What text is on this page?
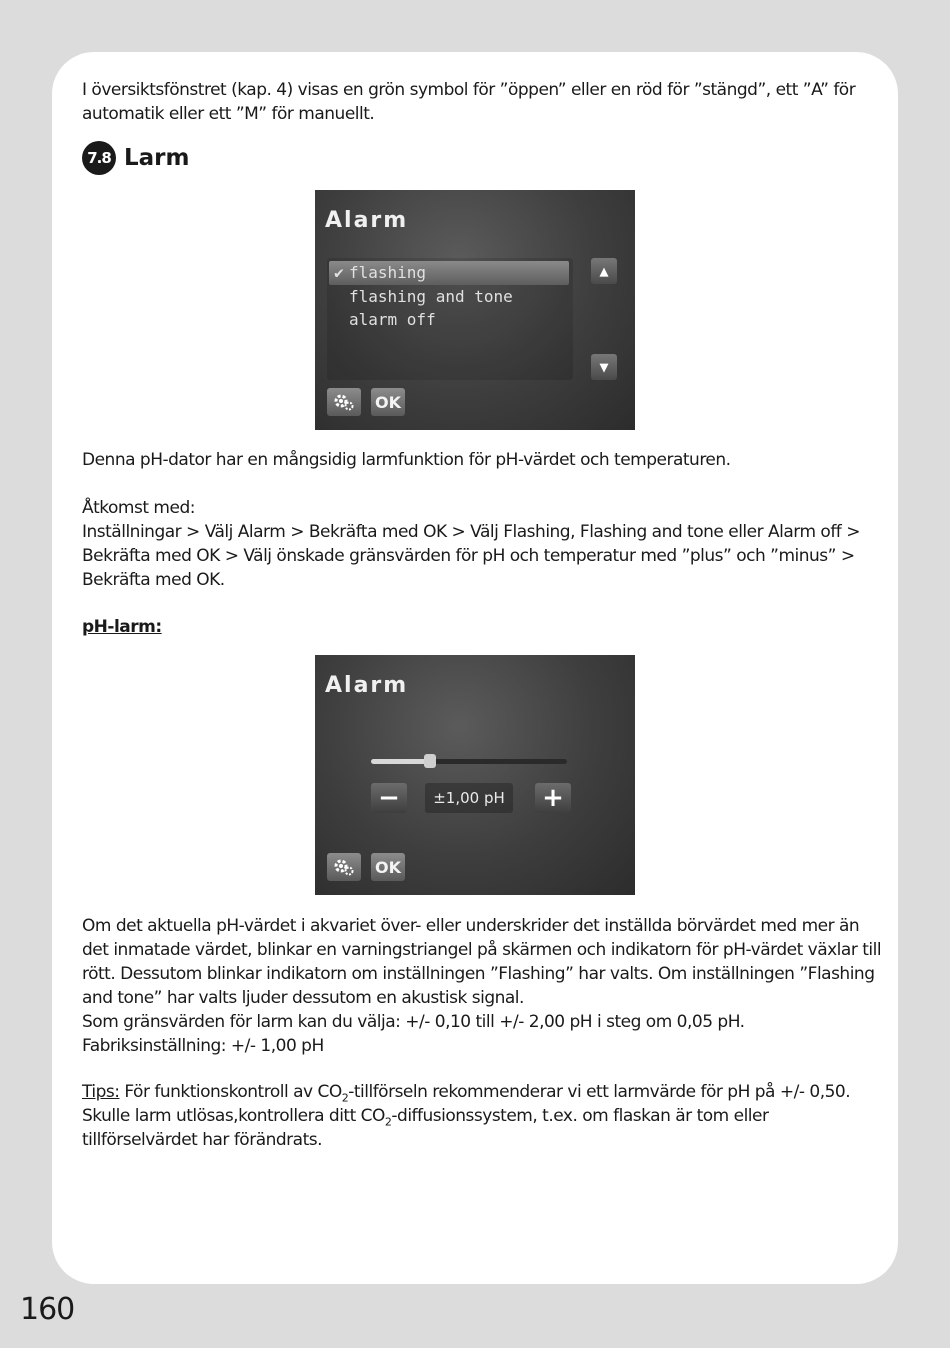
I översiktsfönstret (kap. 4) visas en grön symbol för ”öppen” eller en röd för ”stängd”, ett ”A” för automatik eller ett ”M” för manuellt.

7.8 Larm
Alarm
✔ flashing
flashing and tone
alarm off
▲
▼
OK

Denna pH-dator har en mångsidig larmfunktion för pH-värdet och temperaturen.

Åtkomst med:

Inställningar > Välj Alarm > Bekräfta med OK > Välj Flashing, Flashing and tone eller Alarm off > Bekräfta med OK > Välj önskade gränsvärden för pH och temperatur med ”plus” och ”minus” > Bekräfta med OK.

pH-larm:

Alarm
−	±1,00 pH	+
OK

Om det aktuella pH-värdet i akvariet över- eller underskrider det inställda börvärdet med mer än det inmatade värdet, blinkar en varningstriangel på skärmen och indikatorn för pH-värdet växlar till rött. Dessutom blinkar indikatorn om inställningen ”Flashing” har valts. Om inställningen ”Flashing and tone” har valts ljuder dessutom en akustisk signal.

Som gränsvärden för larm kan du välja: +/- 0,10 till +/- 2,00 pH i steg om 0,05 pH.

Fabriksinställning: +/- 1,00 pH

Tips: För funktionskontroll av $CO_2$-tillförseln rekommenderar vi ett larmvärde för pH på +/- 0,50. Skulle larm utlösas,kontrollera ditt $CO_2$-diffusionssystem, t.ex. om flaskan är tom eller tillförselvärdet har förändrats.

160
